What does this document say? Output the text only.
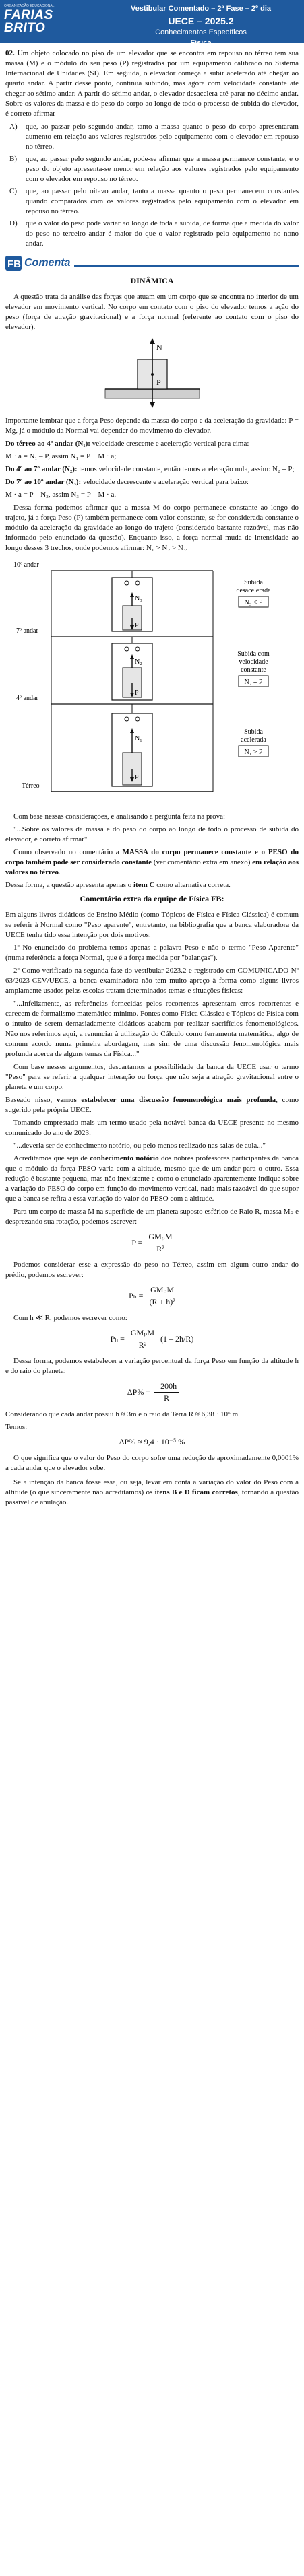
ORGANIZAÇÃO EDUCACIONAL
FARIAS BRITO
Vestibular Comentado – 2ª Fase – 2º dia
UECE – 2025.2
Conhecimentos Específicos
Física
02. Um objeto colocado no piso de um elevador que se encontra em repouso no térreo tem sua massa (M) e o módulo do seu peso (P) registrados por um equipamento calibrado no Sistema Internacional de Unidades (SI). Em seguida, o elevador começa a subir acelerado até chegar ao quarto andar. A partir desse ponto, continua subindo, mas agora com velocidade constante até chegar ao sétimo andar. A partir do sétimo andar, o elevador desacelera até parar no décimo andar. Sobre os valores da massa e do peso do corpo ao longo de todo o processo de subida do elevador, é correto afirmar
A)	que, ao passar pelo segundo andar, tanto a massa quanto o peso do corpo apresentaram aumento em relação aos valores registrados pelo equipamento com o elevador em repouso no térreo.
B)	que, ao passar pelo segundo andar, pode-se afirmar que a massa permanece constante, e o peso do objeto apresenta-se menor em relação aos valores registrados pelo equipamento com o elevador em repouso no térreo.
C)	que, ao passar pelo oitavo andar, tanto a massa quanto o peso permanecem constantes quando comparados com os valores registrados pelo equipamento com o elevador em repouso no térreo.
D)	que o valor do peso pode variar ao longo de toda a subida, de forma que a medida do valor do peso no terceiro andar é maior do que o valor registrado pelo equipamento no nono andar.
FB Comenta
DINÂMICA

A questão trata da análise das forças que atuam em um corpo que se encontra no interior de um elevador em movimento vertical. No corpo em contato com o piso do elevador temos a ação do peso (força de atração gravitacional) e a força normal (referente ao contato com o piso do elevador).

N
P

Importante lembrar que a força Peso depende da massa do corpo e da aceleração da gravidade: P = Mg, já o módulo da Normal vai depender do movimento do elevador.

Do térreo ao 4º andar (N₁): velocidade crescente e aceleração vertical para cima:

M · a = N₁ – P, assim N₁ = P + M · a;

Do 4º ao 7º andar (N₂): temos velocidade constante, então temos aceleração nula, assim: N₂ = P;

Do 7º ao 10º andar (N₃): velocidade decrescente e aceleração vertical para baixo:

M · a = P – N₃, assim N₃ = P – M · a.

Dessa forma podemos afirmar que a massa M do corpo permanece constante ao longo do trajeto, já a força Peso (P) também permanece com valor constante, se for considerada constante o módulo da aceleração da gravidade ao longo do trajeto (considerado bastante razoável, mas não informado pelo enunciado da questão). Enquanto isso, a força normal muda de intensidade ao longo desses 3 trechos, onde podemos afirmar: N₁ > N₂ > N₃.

10º andar
7º andar
4º andar
Térreo
N₃
P
N₂
P
N₁
P
Subida
desacelerada
N₃ < P
Subida com
velocidade
constante
N₂ = P
Subida
acelerada
N₁ > P

Com base nessas considerações, e analisando a pergunta feita na prova:

"...Sobre os valores da massa e do peso do corpo ao longo de todo o processo de subida do elevador, é correto afirmar"

Como observado no comentário a MASSA do corpo permanece constante e o PESO do corpo também pode ser considerado constante (ver comentário extra em anexo) em relação aos valores no térreo.

Dessa forma, a questão apresenta apenas o item C como alternativa correta.

Comentário extra da equipe de Física FB:

Em alguns livros didáticos de Ensino Médio (como Tópicos de Física e Física Clássica) é comum se referir à Normal como "Peso aparente", entretanto, na bibliografia que a banca elaboradora da UECE tenha tido essa intenção por dois motivos:

1º No enunciado do problema temos apenas a palavra Peso e não o termo "Peso Aparente" (numa referência a força Normal, que é a força medida por "balanças").

2º Como verificado na segunda fase do vestibular 2023.2 e registrado em COMUNICADO Nº 63/2023-CEV/UECE, a banca examinadora não tem muito apreço à forma como alguns livros amplamente usados pelas escolas tratam determinados temas e situações físicas:

"...Infelizmente, as referências fornecidas pelos recorrentes apresentam erros recorrentes e carecem de formalismo matemático mínimo. Fontes como Física Clássica e Tópicos de Física com o intuito de serem demasiadamente didáticos acabam por realizar sacrifícios fenomenológicos. Não nos referimos aqui, a renunciar à utilização do Cálculo como ferramenta matemática, algo de comum acordo numa primeira abordagem, mas sim de uma discussão fenomenológica mais profunda acerca de alguns temas da Física..."

Com base nesses argumentos, descartamos a possibilidade da banca da UECE usar o termo "Peso" para se referir a qualquer interação ou força que não seja a atração gravitacional entre o planeta e um corpo.

Baseado nisso, vamos estabelecer uma discussão fenomenológica mais profunda, como sugerido pela própria UECE.

Tomando emprestado mais um termo usado pela notável banca da UECE presente no mesmo comunicado do ano de 2023:

"...deveria ser de conhecimento notório, ou pelo menos realizado nas salas de aula..."

Acreditamos que seja de conhecimento notório dos nobres professores participantes da banca que o módulo da força PESO varia com a altitude, mesmo que de um andar para o outro. Essa redução é bastante pequena, mas não inexistente e como o enunciado aparentemente indique sobre a variação do PESO do corpo em função do movimento vertical, nada mais razoável do que supor que a banca se refira a essa variação do valor do PESO com a altitude.

Para um corpo de massa M na superfície de um planeta suposto esférico de Raio R, massa Mₚ e desprezando sua rotação, podemos escrever:

$P = \frac{\text{GMₚM}}{\text{R²}}$

Podemos considerar esse a expressão do peso no Térreo, assim em algum outro andar do prédio, podemos escrever:

$P_h = \frac{\text{GMₚM}}{\text{(R + h)²}}$

Com h ≪ R, podemos escrever como:

$P_h = \frac{\text{GMₚM}}{\text{R²}} (1 - 2h/R)$

Dessa forma, podemos estabelecer a variação percentual da força Peso em função da altitude h e do raio do planeta:

$\Delta P\% = \frac{-200h}{R}$

Considerando que cada andar possui h ≈ 3m e o raio da Terra R ≈ 6,38 · 10⁶ m

Temos:

ΔP% ≈ 9,4 · 10⁻⁵ %

O que significa que o valor do Peso do corpo sofre uma redução de aproximadamente 0,0001% a cada andar que o elevador sobe.

Se a intenção da banca fosse essa, ou seja, levar em conta a variação do valor do Peso com a altitude (o que sinceramente não acreditamos) os itens B e D ficam corretos, tornando a questão passível de anulação.
